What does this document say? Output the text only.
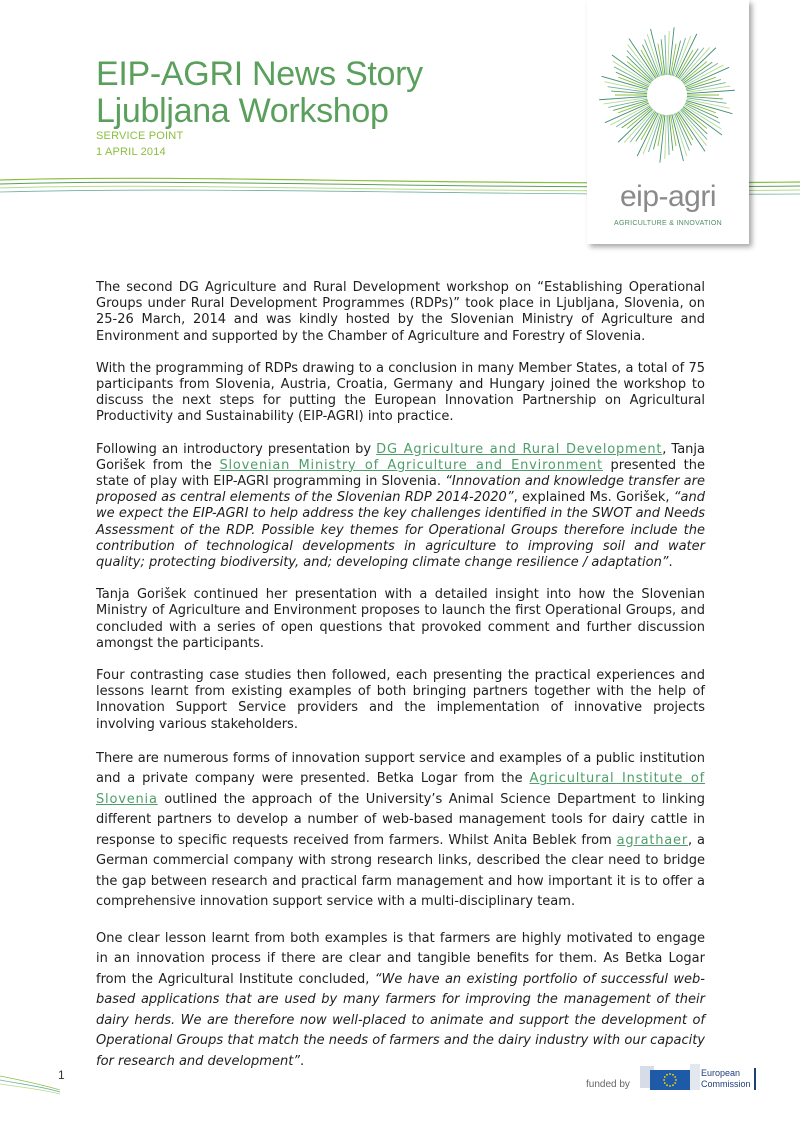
EIP-AGRI News Story
Ljubljana Workshop
SERVICE POINT
1 APRIL 2014
eip-agri
AGRICULTURE & INNOVATION

The second DG Agriculture and Rural Development workshop on “Establishing Operational Groups under Rural Development Programmes (RDPs)” took place in Ljubljana, Slovenia, on 25-26 March, 2014 and was kindly hosted by the Slovenian Ministry of Agriculture and Environment and supported by the Chamber of Agriculture and Forestry of Slovenia.

With the programming of RDPs drawing to a conclusion in many Member States, a total of 75 participants from Slovenia, Austria, Croatia, Germany and Hungary joined the workshop to discuss the next steps for putting the European Innovation Partnership on Agricultural Productivity and Sustainability (EIP-AGRI) into practice.

Following an introductory presentation by DG Agriculture and Rural Development, Tanja Gorišek from the Slovenian Ministry of Agriculture and Environment presented the state of play with EIP-AGRI programming in Slovenia. “Innovation and knowledge transfer are proposed as central elements of the Slovenian RDP 2014-2020”, explained Ms. Gorišek, “and we expect the EIP-AGRI to help address the key challenges identified in the SWOT and Needs Assessment of the RDP. Possible key themes for Operational Groups therefore include the contribution of technological developments in agriculture to improving soil and water quality; protecting biodiversity, and; developing climate change resilience / adaptation”.

Tanja Gorišek continued her presentation with a detailed insight into how the Slovenian Ministry of Agriculture and Environment proposes to launch the first Operational Groups, and concluded with a series of open questions that provoked comment and further discussion amongst the participants.

Four contrasting case studies then followed, each presenting the practical experiences and lessons learnt from existing examples of both bringing partners together with the help of Innovation Support Service providers and the implementation of innovative projects involving various stakeholders.

There are numerous forms of innovation support service and examples of a public institution and a private company were presented. Betka Logar from the Agricultural Institute of Slovenia outlined the approach of the University’s Animal Science Department to linking different partners to develop a number of web-based management tools for dairy cattle in response to specific requests received from farmers. Whilst Anita Beblek from agrathaer, a German commercial company with strong research links, described the clear need to bridge the gap between research and practical farm management and how important it is to offer a comprehensive innovation support service with a multi-disciplinary team.

One clear lesson learnt from both examples is that farmers are highly motivated to engage in an innovation process if there are clear and tangible benefits for them. As Betka Logar from the Agricultural Institute concluded, “We have an existing portfolio of successful web-based applications that are used by many farmers for improving the management of their dairy herds. We are therefore now well-placed to animate and support the development of Operational Groups that match the needs of farmers and the dairy industry with our capacity for research and development”.

1
funded by
European
Commission
